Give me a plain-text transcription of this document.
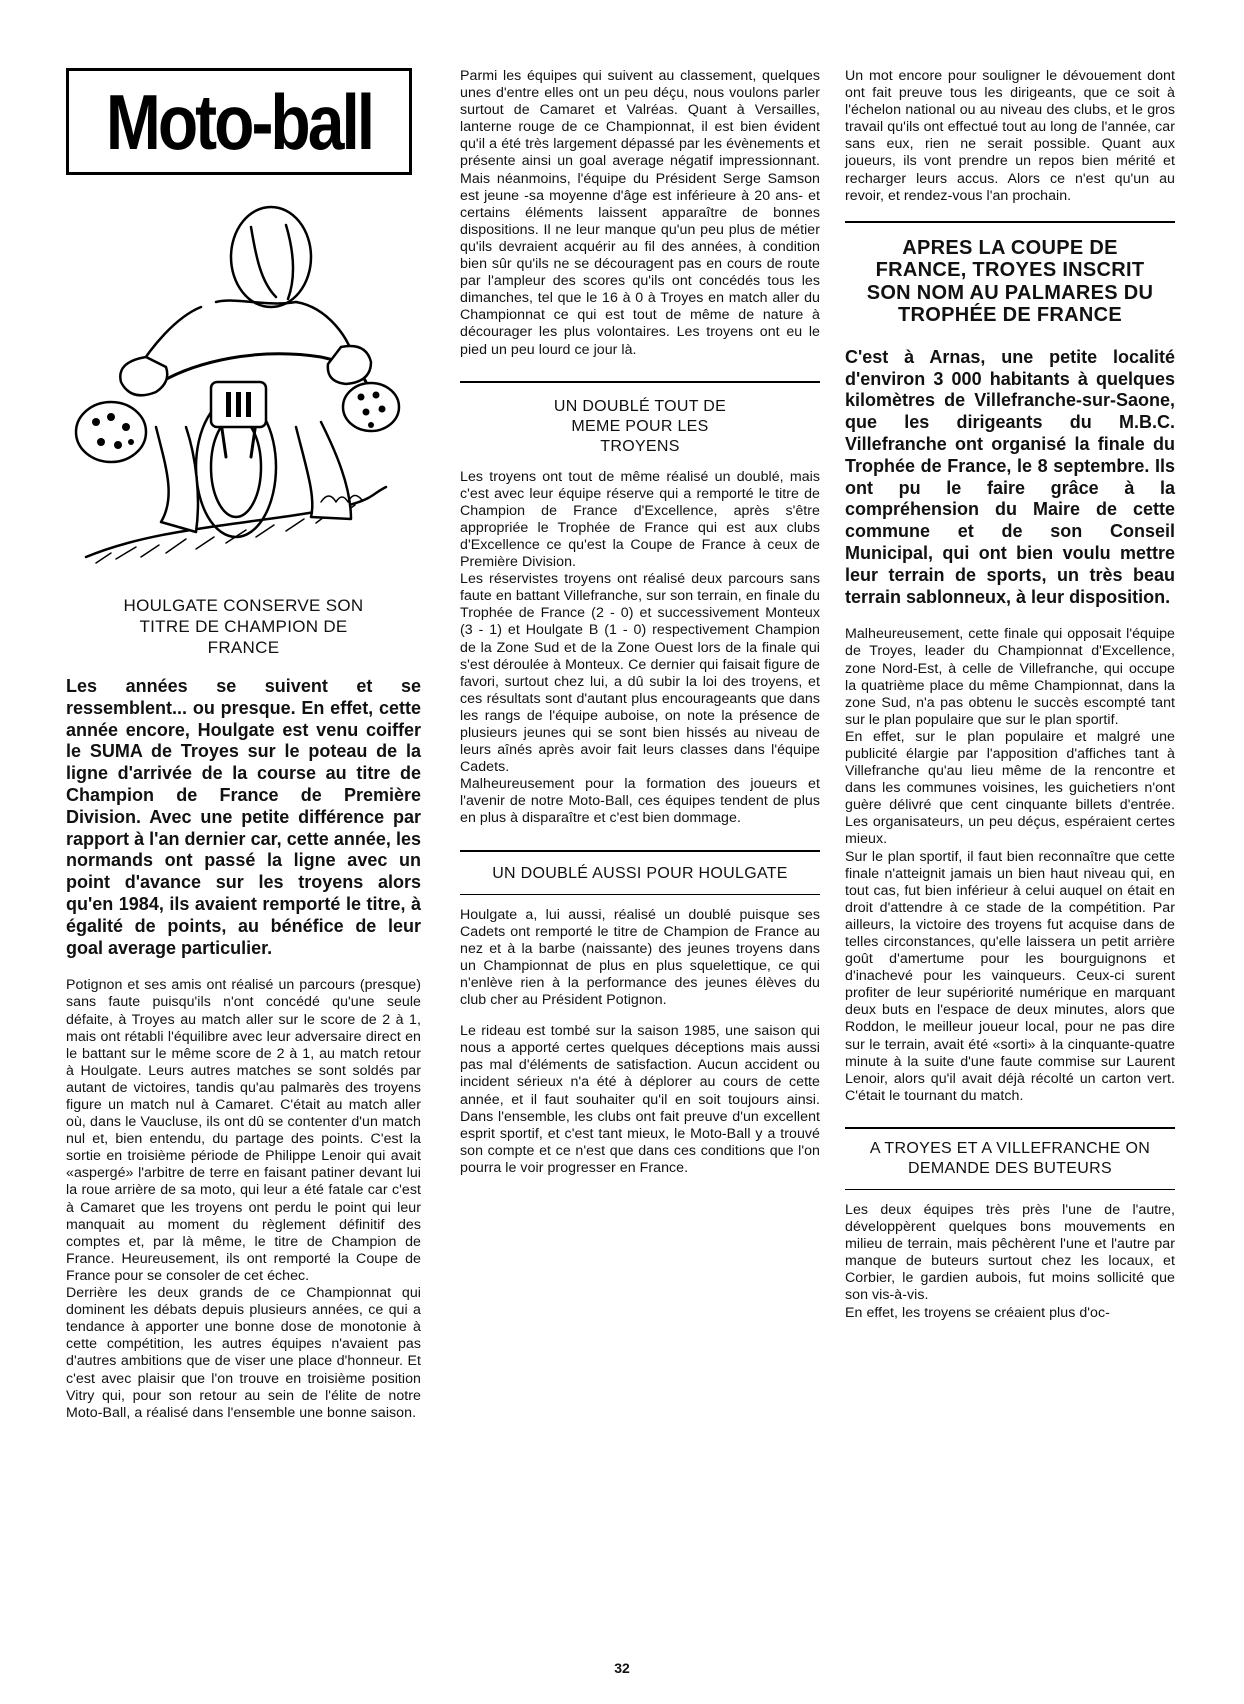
Moto-ball
HOULGATE CONSERVE SON TITRE DE CHAMPION DE FRANCE

Les années se suivent et se ressemblent... ou presque. En effet, cette année encore, Houlgate est venu coiffer le SUMA de Troyes sur le poteau de la ligne d'arrivée de la course au titre de Champion de France de Première Division. Avec une petite différence par rapport à l'an dernier car, cette année, les normands ont passé la ligne avec un point d'avance sur les troyens alors qu'en 1984, ils avaient remporté le titre, à égalité de points, au bénéfice de leur goal average particulier.

Potignon et ses amis ont réalisé un parcours (presque) sans faute puisqu'ils n'ont concédé qu'une seule défaite, à Troyes au match aller sur le score de 2 à 1, mais ont rétabli l'équilibre avec leur adversaire direct en le battant sur le même score de 2 à 1, au match retour à Houlgate. Leurs autres matches se sont soldés par autant de victoires, tandis qu'au palmarès des troyens figure un match nul à Camaret. C'était au match aller où, dans le Vaucluse, ils ont dû se contenter d'un match nul et, bien entendu, du partage des points. C'est la sortie en troisième période de Philippe Lenoir qui avait «aspergé» l'arbitre de terre en faisant patiner devant lui la roue arrière de sa moto, qui leur a été fatale car c'est à Camaret que les troyens ont perdu le point qui leur manquait au moment du règlement définitif des comptes et, par là même, le titre de Champion de France. Heureusement, ils ont remporté la Coupe de France pour se consoler de cet échec.

Derrière les deux grands de ce Championnat qui dominent les débats depuis plusieurs années, ce qui a tendance à apporter une bonne dose de monotonie à cette compétition, les autres équipes n'avaient pas d'autres ambitions que de viser une place d'honneur. Et c'est avec plaisir que l'on trouve en troisième position Vitry qui, pour son retour au sein de l'élite de notre Moto-Ball, a réalisé dans l'ensemble une bonne saison.

Parmi les équipes qui suivent au classement, quelques unes d'entre elles ont un peu déçu, nous voulons parler surtout de Camaret et Valréas. Quant à Versailles, lanterne rouge de ce Championnat, il est bien évident qu'il a été très largement dépassé par les évènements et présente ainsi un goal average négatif impressionnant. Mais néanmoins, l'équipe du Président Serge Samson est jeune -sa moyenne d'âge est inférieure à 20 ans- et certains éléments laissent apparaître de bonnes dispositions. Il ne leur manque qu'un peu plus de métier qu'ils devraient acquérir au fil des années, à condition bien sûr qu'ils ne se découragent pas en cours de route par l'ampleur des scores qu'ils ont concédés tous les dimanches, tel que le 16 à 0 à Troyes en match aller du Championnat ce qui est tout de même de nature à décourager les plus volontaires. Les troyens ont eu le pied un peu lourd ce jour là.

UN DOUBLÉ TOUT DE MEME POUR LES TROYENS

Les troyens ont tout de même réalisé un doublé, mais c'est avec leur équipe réserve qui a remporté le titre de Champion de France d'Excellence, après s'être appropriée le Trophée de France qui est aux clubs d'Excellence ce qu'est la Coupe de France à ceux de Première Division.

Les réservistes troyens ont réalisé deux parcours sans faute en battant Villefranche, sur son terrain, en finale du Trophée de France (2 - 0) et successivement Monteux (3 - 1) et Houlgate B (1 - 0) respectivement Champion de la Zone Sud et de la Zone Ouest lors de la finale qui s'est déroulée à Monteux. Ce dernier qui faisait figure de favori, surtout chez lui, a dû subir la loi des troyens, et ces résultats sont d'autant plus encourageants que dans les rangs de l'équipe auboise, on note la présence de plusieurs jeunes qui se sont bien hissés au niveau de leurs aînés après avoir fait leurs classes dans l'équipe Cadets.

Malheureusement pour la formation des joueurs et l'avenir de notre Moto-Ball, ces équipes tendent de plus en plus à disparaître et c'est bien dommage.

UN DOUBLÉ AUSSI POUR HOULGATE

Houlgate a, lui aussi, réalisé un doublé puisque ses Cadets ont remporté le titre de Champion de France au nez et à la barbe (naissante) des jeunes troyens dans un Championnat de plus en plus squelettique, ce qui n'enlève rien à la performance des jeunes élèves du club cher au Président Potignon.

Le rideau est tombé sur la saison 1985, une saison qui nous a apporté certes quelques déceptions mais aussi pas mal d'éléments de satisfaction. Aucun accident ou incident sérieux n'a été à déplorer au cours de cette année, et il faut souhaiter qu'il en soit toujours ainsi. Dans l'ensemble, les clubs ont fait preuve d'un excellent esprit sportif, et c'est tant mieux, le Moto-Ball y a trouvé son compte et ce n'est que dans ces conditions que l'on pourra le voir progresser en France.

Un mot encore pour souligner le dévouement dont ont fait preuve tous les dirigeants, que ce soit à l'échelon national ou au niveau des clubs, et le gros travail qu'ils ont effectué tout au long de l'année, car sans eux, rien ne serait possible. Quant aux joueurs, ils vont prendre un repos bien mérité et recharger leurs accus. Alors ce n'est qu'un au revoir, et rendez-vous l'an prochain.

APRES LA COUPE DE FRANCE, TROYES INSCRIT SON NOM AU PALMARES DU TROPHÉE DE FRANCE

C'est à Arnas, une petite localité d'environ 3 000 habitants à quelques kilomètres de Villefranche-sur-Saone, que les dirigeants du M.B.C. Villefranche ont organisé la finale du Trophée de France, le 8 septembre. Ils ont pu le faire grâce à la compréhension du Maire de cette commune et de son Conseil Municipal, qui ont bien voulu mettre leur terrain de sports, un très beau terrain sablonneux, à leur disposition.

Malheureusement, cette finale qui opposait l'équipe de Troyes, leader du Championnat d'Excellence, zone Nord-Est, à celle de Villefranche, qui occupe la quatrième place du même Championnat, dans la zone Sud, n'a pas obtenu le succès escompté tant sur le plan populaire que sur le plan sportif.

En effet, sur le plan populaire et malgré une publicité élargie par l'apposition d'affiches tant à Villefranche qu'au lieu même de la rencontre et dans les communes voisines, les guichetiers n'ont guère délivré que cent cinquante billets d'entrée. Les organisateurs, un peu déçus, espéraient certes mieux.

Sur le plan sportif, il faut bien reconnaître que cette finale n'atteignit jamais un bien haut niveau qui, en tout cas, fut bien inférieur à celui auquel on était en droit d'attendre à ce stade de la compétition. Par ailleurs, la victoire des troyens fut acquise dans de telles circonstances, qu'elle laissera un petit arrière goût d'amertume pour les bourguignons et d'inachevé pour les vainqueurs. Ceux-ci surent profiter de leur supériorité numérique en marquant deux buts en l'espace de deux minutes, alors que Roddon, le meilleur joueur local, pour ne pas dire sur le terrain, avait été «sorti» à la cinquante-quatre minute à la suite d'une faute commise sur Laurent Lenoir, alors qu'il avait déjà récolté un carton vert. C'était le tournant du match.

A TROYES ET A VILLEFRANCHE ON DEMANDE DES BUTEURS

Les deux équipes très près l'une de l'autre, développèrent quelques bons mouvements en milieu de terrain, mais pêchèrent l'une et l'autre par manque de buteurs surtout chez les locaux, et Corbier, le gardien aubois, fut moins sollicité que son vis-à-vis.

En effet, les troyens se créaient plus d'oc-

32
